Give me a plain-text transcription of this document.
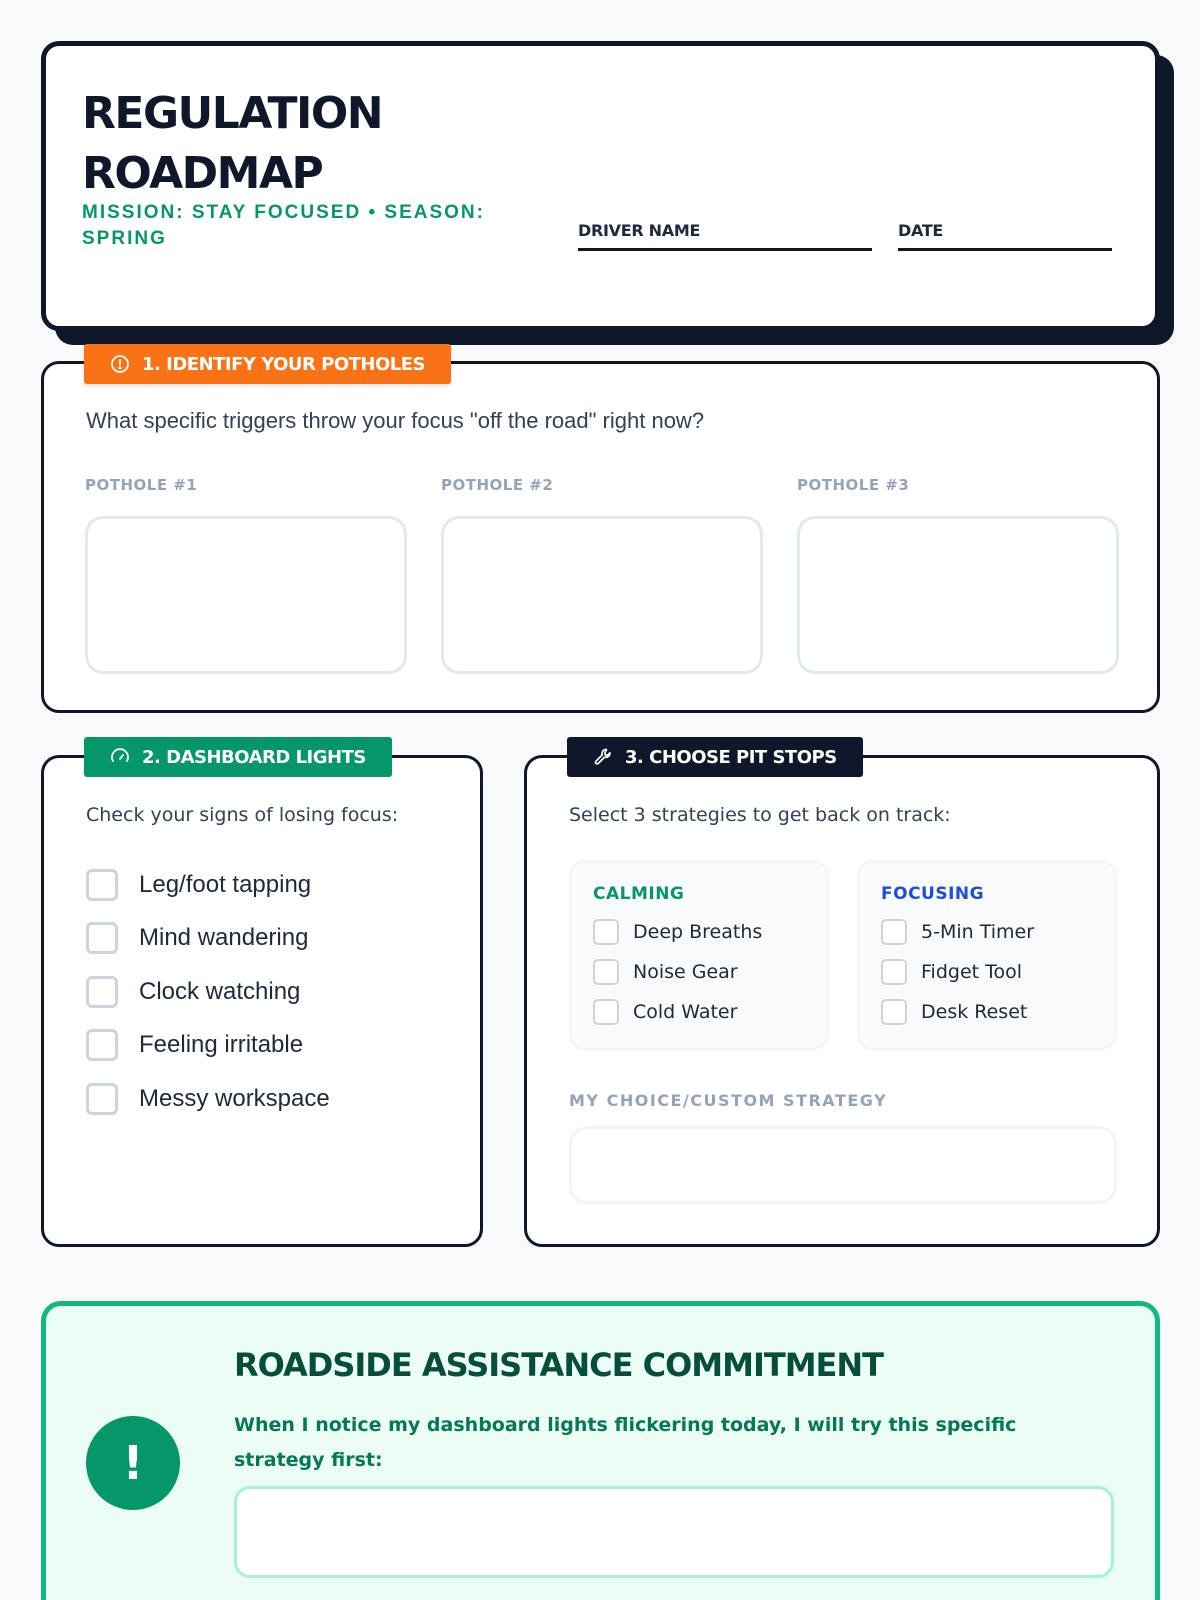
REGULATION ROADMAP
MISSION: STAY FOCUSED • SEASON: SPRING	DRIVER NAME	DATE
What specific triggers throw your focus "off the road" right now?
POTHOLE #1	POTHOLE #2	POTHOLE #3
1. IDENTIFY YOUR POTHOLES
Check your signs of losing focus:
Leg/foot tapping
Mind wandering
Clock watching
Feeling irritable
Messy workspace
2. DASHBOARD LIGHTS
Select 3 strategies to get back on track:
CALMING
Deep Breaths
Noise Gear
Cold Water
FOCUSING
5-Min Timer
Fidget Tool
Desk Reset
MY CHOICE/CUSTOM STRATEGY
3. CHOOSE PIT STOPS
!
ROADSIDE ASSISTANCE COMMITMENT
When I notice my dashboard lights flickering today, I will try this specific strategy first:
